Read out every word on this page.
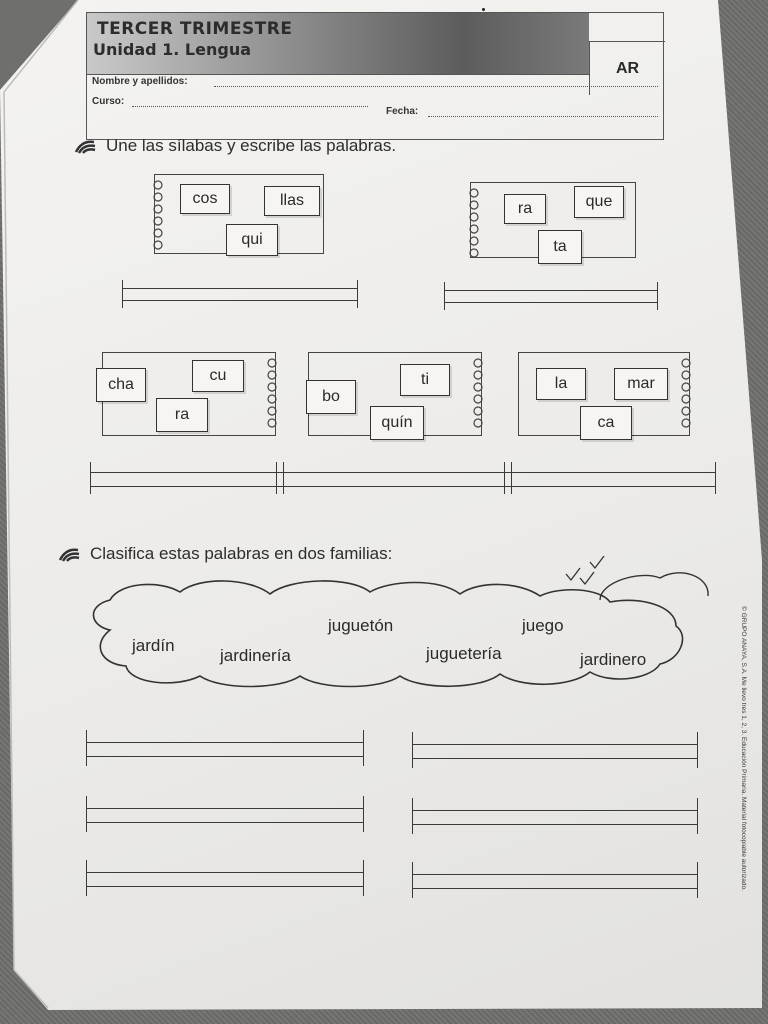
TERCER TRIMESTRE
Unidad 1. Lengua
AR
Nombre y apellidos:
Curso:
Fecha:
Une las sílabas y escribe las palabras.
cos	llas
qui
ra	que
ta
cha
cu
ra
bo
ti
quín
la	mar
ca
Clasifica estas palabras en dos familias:
jardín
jardinería
juguetón
juguetería
juego
jardinero	© GRUPO ANAYA, S.A. Me llevo tres 1, 2, 3. Educación Primaria. Material fotocopiable autorizado.
